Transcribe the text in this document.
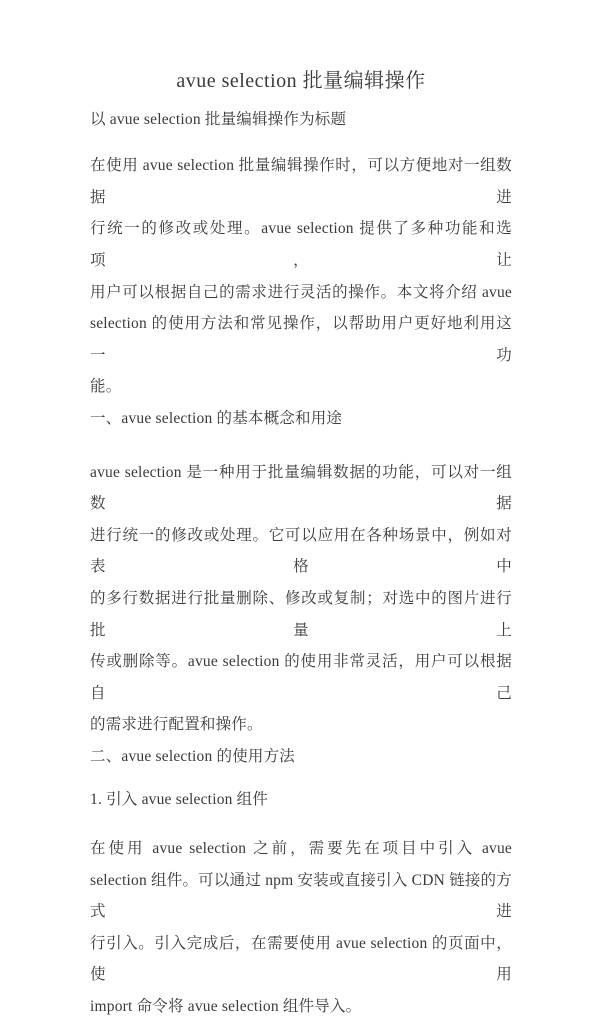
avue selection 批量编辑操作
以 avue selection 批量编辑操作为标题
在使用 avue selection 批量编辑操作时，可以方便地对一组数据进
行统一的修改或处理。avue selection 提供了多种功能和选项，让
用户可以根据自己的需求进行灵活的操作。本文将介绍 avue
selection 的使用方法和常见操作，以帮助用户更好地利用这一功
能。
一、avue selection 的基本概念和用途
avue selection 是一种用于批量编辑数据的功能，可以对一组数据
进行统一的修改或处理。它可以应用在各种场景中，例如对表格中
的多行数据进行批量删除、修改或复制；对选中的图片进行批量上
传或删除等。avue selection 的使用非常灵活，用户可以根据自己
的需求进行配置和操作。
二、avue selection 的使用方法
1. 引入 avue selection 组件
在使用 avue selection 之前，需要先在项目中引入 avue
selection 组件。可以通过 npm 安装或直接引入 CDN 链接的方式进
行引入。引入完成后，在需要使用 avue selection 的页面中，使用
import 命令将 avue selection 组件导入。
